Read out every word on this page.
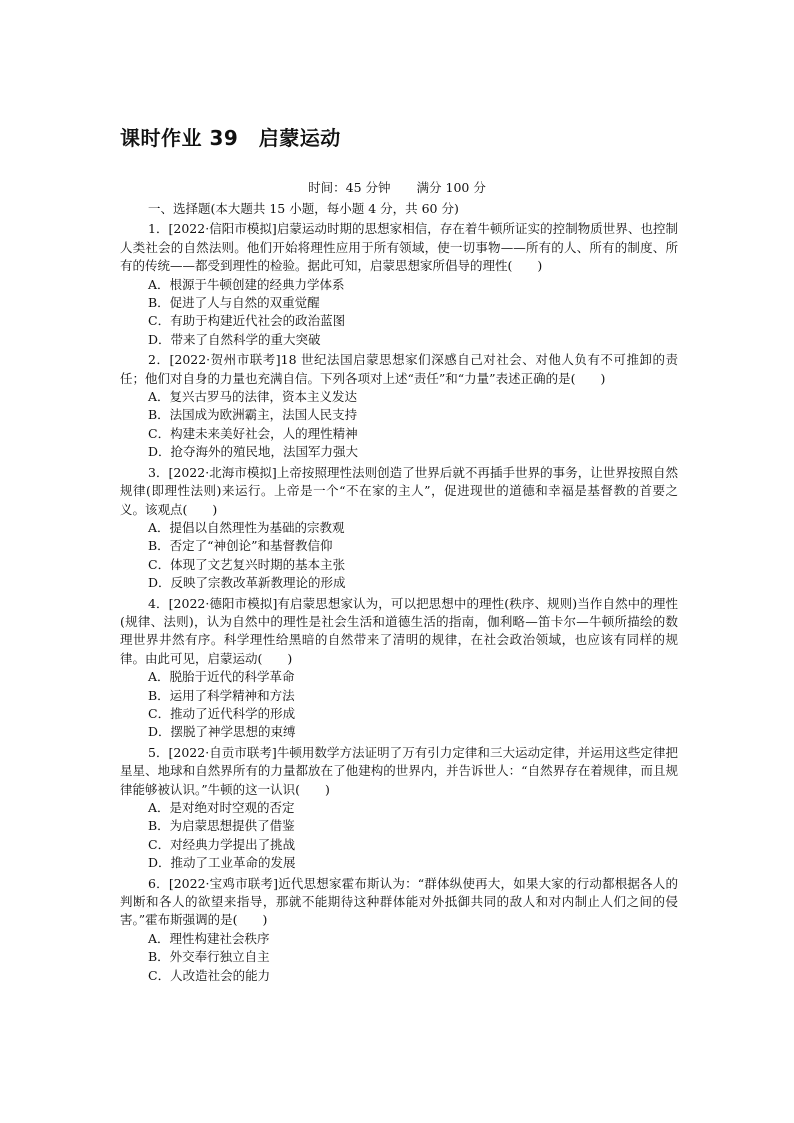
课时作业 39　启蒙运动
时间：45 分钟 满分 100 分

一、选择题(本大题共 15 小题，每小题 4 分，共 60 分)

1．[2022·信阳市模拟]启蒙运动时期的思想家相信，存在着牛顿所证实的控制物质世界、也控制人类社会的自然法则。他们开始将理性应用于所有领域，使一切事物——所有的人、所有的制度、所有的传统——都受到理性的检验。据此可知，启蒙思想家所倡导的理性(　　)

A．根源于牛顿创建的经典力学体系

B．促进了人与自然的双重觉醒

C．有助于构建近代社会的政治蓝图

D．带来了自然科学的重大突破

2．[2022·贺州市联考]18 世纪法国启蒙思想家们深感自己对社会、对他人负有不可推卸的责任；他们对自身的力量也充满自信。下列各项对上述“责任”和“力量”表述正确的是(　　)

A．复兴古罗马的法律，资本主义发达

B．法国成为欧洲霸主，法国人民支持

C．构建未来美好社会，人的理性精神

D．抢夺海外的殖民地，法国军力强大

3．[2022·北海市模拟]上帝按照理性法则创造了世界后就不再插手世界的事务，让世界按照自然规律(即理性法则)来运行。上帝是一个“不在家的主人”，促进现世的道德和幸福是基督教的首要之义。该观点(　　)

A．提倡以自然理性为基础的宗教观

B．否定了“神创论”和基督教信仰

C．体现了文艺复兴时期的基本主张

D．反映了宗教改革新教理论的形成

4．[2022·德阳市模拟]有启蒙思想家认为，可以把思想中的理性(秩序、规则)当作自然中的理性(规律、法则)，认为自然中的理性是社会生活和道德生活的指南，伽利略—笛卡尔—牛顿所描绘的数理世界井然有序。科学理性给黑暗的自然带来了清明的规律，在社会政治领域，也应该有同样的规律。由此可见，启蒙运动(　　)

A．脱胎于近代的科学革命

B．运用了科学精神和方法

C．推动了近代科学的形成

D．摆脱了神学思想的束缚

5．[2022·自贡市联考]牛顿用数学方法证明了万有引力定律和三大运动定律，并运用这些定律把星星、地球和自然界所有的力量都放在了他建构的世界内，并告诉世人：“自然界存在着规律，而且规律能够被认识。”牛顿的这一认识(　　)

A．是对绝对时空观的否定

B．为启蒙思想提供了借鉴

C．对经典力学提出了挑战

D．推动了工业革命的发展

6．[2022·宝鸡市联考]近代思想家霍布斯认为：“群体纵使再大，如果大家的行动都根据各人的判断和各人的欲望来指导，那就不能期待这种群体能对外抵御共同的敌人和对内制止人们之间的侵害。”霍布斯强调的是(　　)

A．理性构建社会秩序

B．外交奉行独立自主

C．人改造社会的能力
